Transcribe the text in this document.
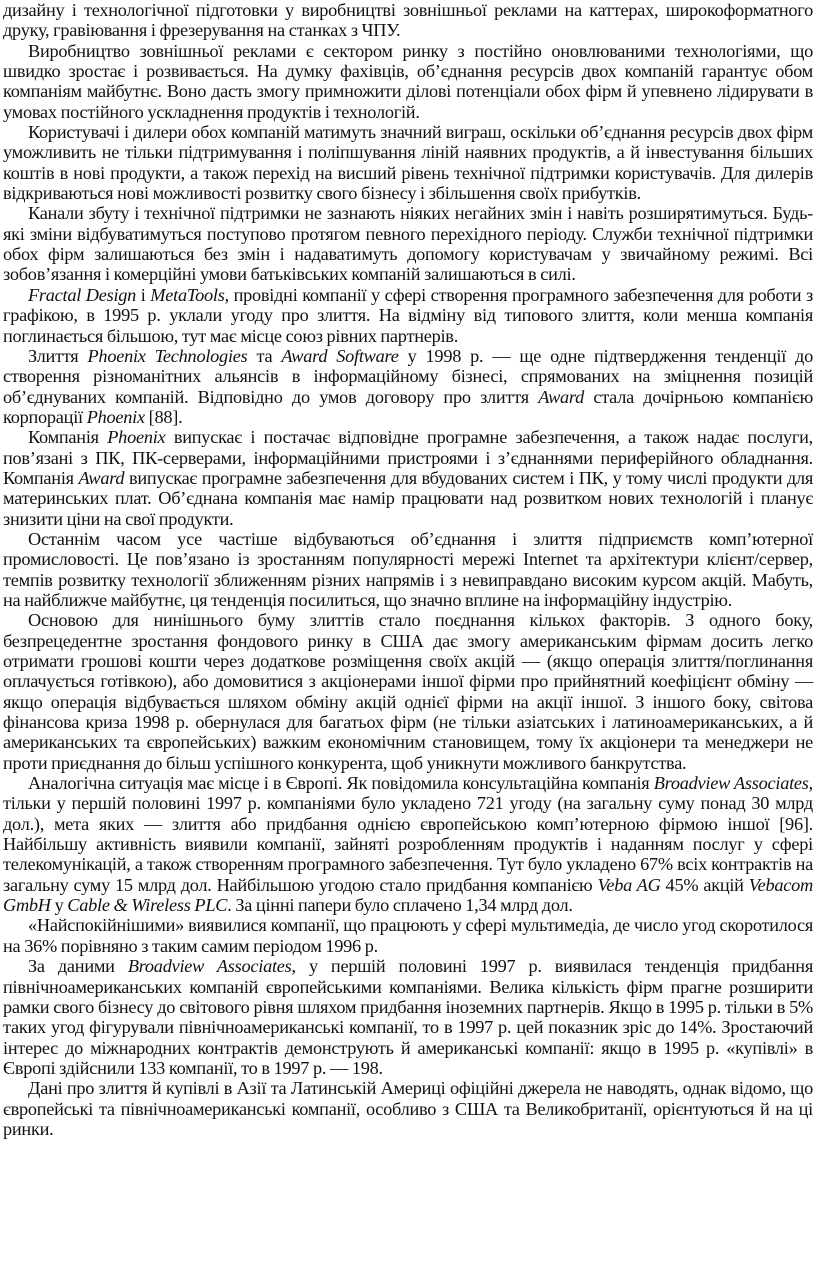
дизайну і технологічної підготовки у виробництві зовнішньої реклами на каттерах, широкоформатного друку, гравіювання і фрезерування на станках з ЧПУ.

Виробництво зовнішньої реклами є сектором ринку з постійно оновлюваними технологіями, що швидко зростає і розвивається. На думку фахівців, об’єднання ресурсів двох компаній гарантує обом компаніям майбутнє. Воно дасть змогу примножити ділові потенціали обох фірм й упевнено лідирувати в умовах постійного ускладнення продуктів і технологій.

Користувачі і дилери обох компаній матимуть значний виграш, оскільки об’єднання ресурсів двох фірм уможливить не тільки підтримування і поліпшування ліній наявних продуктів, а й інвестування більших коштів в нові продукти, а також перехід на висший рівень технічної підтримки користувачів. Для дилерів відкриваються нові можливості розвитку свого бізнесу і збільшення своїх прибутків.

Канали збуту і технічної підтримки не зазнають ніяких негайних змін і навіть розширятимуться. Будь-які зміни відбуватимуться поступово протягом певного перехідного періоду. Служби технічної підтримки обох фірм залишаються без змін і надаватимуть допомогу користувачам у звичайному режимі. Всі зобов’язання і комерційні умови батьківських компаній залишаються в силі.

Fractal Design і MetaTools, провідні компанії у сфері створення програмного забезпечення для роботи з графікою, в 1995 р. уклали угоду про злиття. На відміну від типового злиття, коли менша компанія поглинається більшою, тут має місце союз рівних партнерів.

Злиття Phoenix Technologies та Award Software у 1998 р. — ще одне підтвердження тенденції до створення різноманітних альянсів в інформаційному бізнесі, спрямованих на зміцнення позицій об’єднуваних компаній. Відповідно до умов договору про злиття Award стала дочірньою компанією корпорації Phoenix [88].

Компанія Phoenix випускає і постачає відповідне програмне забезпечення, а також надає послуги, пов’язані з ПК, ПК-серверами, інформаційними пристроями і з’єднаннями периферійного обладнання. Компанія Award випускає програмне забезпечення для вбудованих систем і ПК, у тому числі продукти для материнських плат. Об’єднана компанія має намір працювати над розвитком нових технологій і планує знизити ціни на свої продукти.

Останнім часом усе частіше відбуваються об’єднання і злиття підприємств комп’ютерної промисловості. Це пов’язано із зростанням популярності мережі Internet та архітектури клієнт/сервер, темпів розвитку технології зближенням різних напрямів і з невиправдано високим курсом акцій. Мабуть, на найближче майбутнє, ця тенденція посилиться, що значно вплине на інформаційну індустрію.

Основою для нинішнього буму злиттів стало поєднання кількох факторів. З одного боку, безпрецедентне зростання фондового ринку в США дає змогу американським фірмам досить легко отримати грошові кошти через додаткове розміщення своїх акцій — (якщо операція злиття/поглинання оплачується готівкою), або домовитися з акціонерами іншої фірми про прийнятний коефіцієнт обміну — якщо операція відбувається шляхом обміну акцій однієї фірми на акції іншої. З іншого боку, світова фінансова криза 1998 р. обернулася для багатьох фірм (не тільки азіатських і латиноамериканських, а й американських та європейських) важким економічним становищем, тому їх акціонери та менеджери не проти приєднання до більш успішного конкурента, щоб уникнути можливого банкрутства.

Аналогічна ситуація має місце і в Європі. Як повідомила консультаційна компанія Broadview Associates, тільки у першій половині 1997 р. компаніями було укладено 721 угоду (на загальну суму понад 30 млрд дол.), мета яких — злиття або придбання однією європейською комп’ютерною фірмою іншої [96]. Найбільшу активність виявили компанії, зайняті розробленням продуктів і наданням послуг у сфері телекомунікацій, а також створенням програмного забезпечення. Тут було укладено 67% всіх контрактів на загальну суму 15 млрд дол. Найбільшою угодою стало придбання компанією Veba AG 45% акцій Vebacom GmbH у Cable & Wireless PLC. За цінні папери було сплачено 1,34 млрд дол.

«Найспокійнішими» виявилися компанії, що працюють у сфері мультимедіа, де число угод скоротилося на 36% порівняно з таким самим періодом 1996 р.

За даними Broadview Associates, у першій половині 1997 р. виявилася тенденція придбання північноамериканських компаній європейськими компаніями. Велика кількість фірм прагне розширити рамки свого бізнесу до світового рівня шляхом придбання іноземних партнерів. Якщо в 1995 р. тільки в 5% таких угод фігурували північноамериканські компанії, то в 1997 р. цей показник зріс до 14%. Зростаючий інтерес до міжнародних контрактів демонструють й американські компанії: якщо в 1995 р. «купівлі» в Європі здійснили 133 компанії, то в 1997 р. — 198.

Дані про злиття й купівлі в Азії та Латинській Америці офіційні джерела не наводять, однак відомо, що європейські та північноамериканські компанії, особливо з США та Великобританії, орієнтуються й на ці ринки.
